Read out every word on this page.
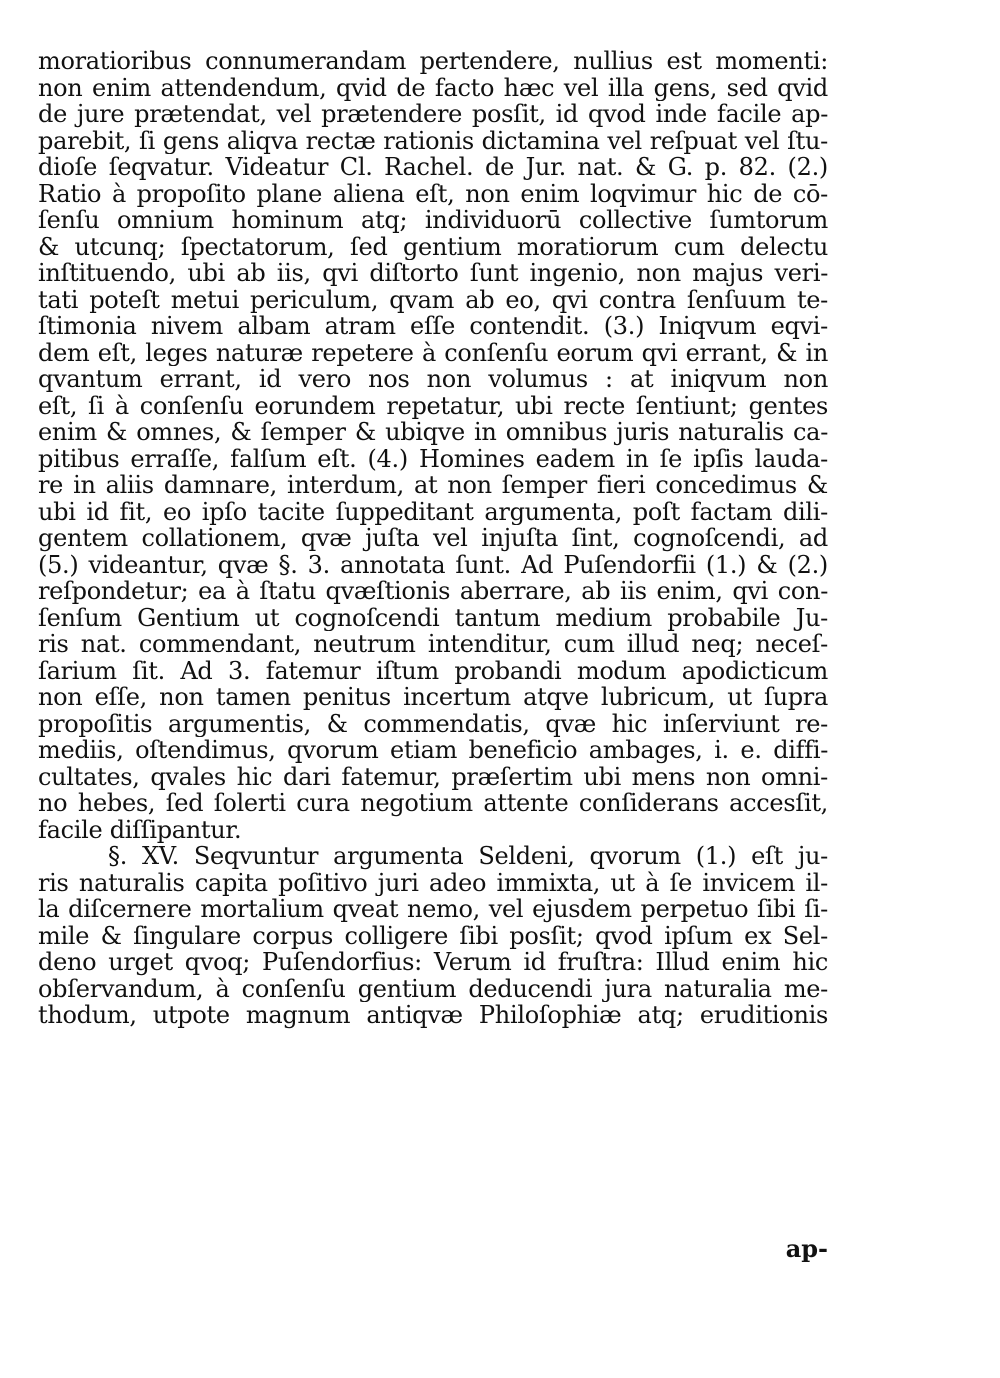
moratioribus connumerandam pertendere, nullius est momenti:
non enim attendendum, qvid de facto hæc vel illa gens, sed qvid
de jure prætendat, vel prætendere posſit, id qvod inde facile ap-
parebit, ſi gens aliqva rectæ rationis dictamina vel reſpuat vel ſtu-
dioſe ſeqvatur. Videatur Cl. Rachel. de Jur. nat. & G. p. 82. (2.)
Ratio à propoſito plane aliena eſt, non enim loqvimur hic de cō-
ſenſu omnium hominum atq; individuorū collective ſumtorum
& utcunq; ſpectatorum, ſed gentium moratiorum cum delectu
inſtituendo, ubi ab iis, qvi diſtorto ſunt ingenio, non majus veri-
tati poteſt metui periculum, qvam ab eo, qvi contra ſenſuum te-
ſtimonia nivem albam atram eſſe contendit. (3.) Iniqvum eqvi-
dem eſt, leges naturæ repetere à conſenſu eorum qvi errant, & in
qvantum errant, id vero nos non volumus : at iniqvum non
eſt, ſi à conſenſu eorundem repetatur, ubi recte ſentiunt; gentes
enim & omnes, & ſemper & ubiqve in omnibus juris naturalis ca-
pitibus erraſſe, falſum eſt. (4.) Homines eadem in ſe ipſis lauda-
re in aliis damnare, interdum, at non ſemper fieri concedimus &
ubi id fit, eo ipſo tacite ſuppeditant argumenta, poſt factam dili-
gentem collationem, qvæ juſta vel injuſta ſint, cognoſcendi, ad
(5.) videantur, qvæ §. 3. annotata ſunt. Ad Puſendorfii (1.) & (2.)
reſpondetur; ea à ſtatu qvæſtionis aberrare, ab iis enim, qvi con-
ſenſum Gentium ut cognoſcendi tantum medium probabile Ju-
ris nat. commendant, neutrum intenditur, cum illud neq; neceſ-
ſarium ſit. Ad 3. fatemur iſtum probandi modum apodicticum
non eſſe, non tamen penitus incertum atqve lubricum, ut ſupra
propoſitis argumentis, & commendatis, qvæ hic inſerviunt re-
mediis, oſtendimus, qvorum etiam beneficio ambages, i. e. diffi-
cultates, qvales hic dari fatemur, præſertim ubi mens non omni-
no hebes, ſed ſolerti cura negotium attente conſiderans accesſit,
facile diſſipantur.
§. XV. Seqvuntur argumenta Seldeni, qvorum (1.) eſt ju-
ris naturalis capita poſitivo juri adeo immixta, ut à ſe invicem il-
la diſcernere mortalium qveat nemo, vel ejusdem perpetuo ſibi ſi-
mile & ſingulare corpus colligere ſibi posſit; qvod ipſum ex Sel-
deno urget qvoq; Puſendorfius: Verum id fruſtra: Illud enim hic
obſervandum, à conſenſu gentium deducendi jura naturalia me-
thodum, utpote magnum antiqvæ Philoſophiæ atq; eruditionis
ap-
